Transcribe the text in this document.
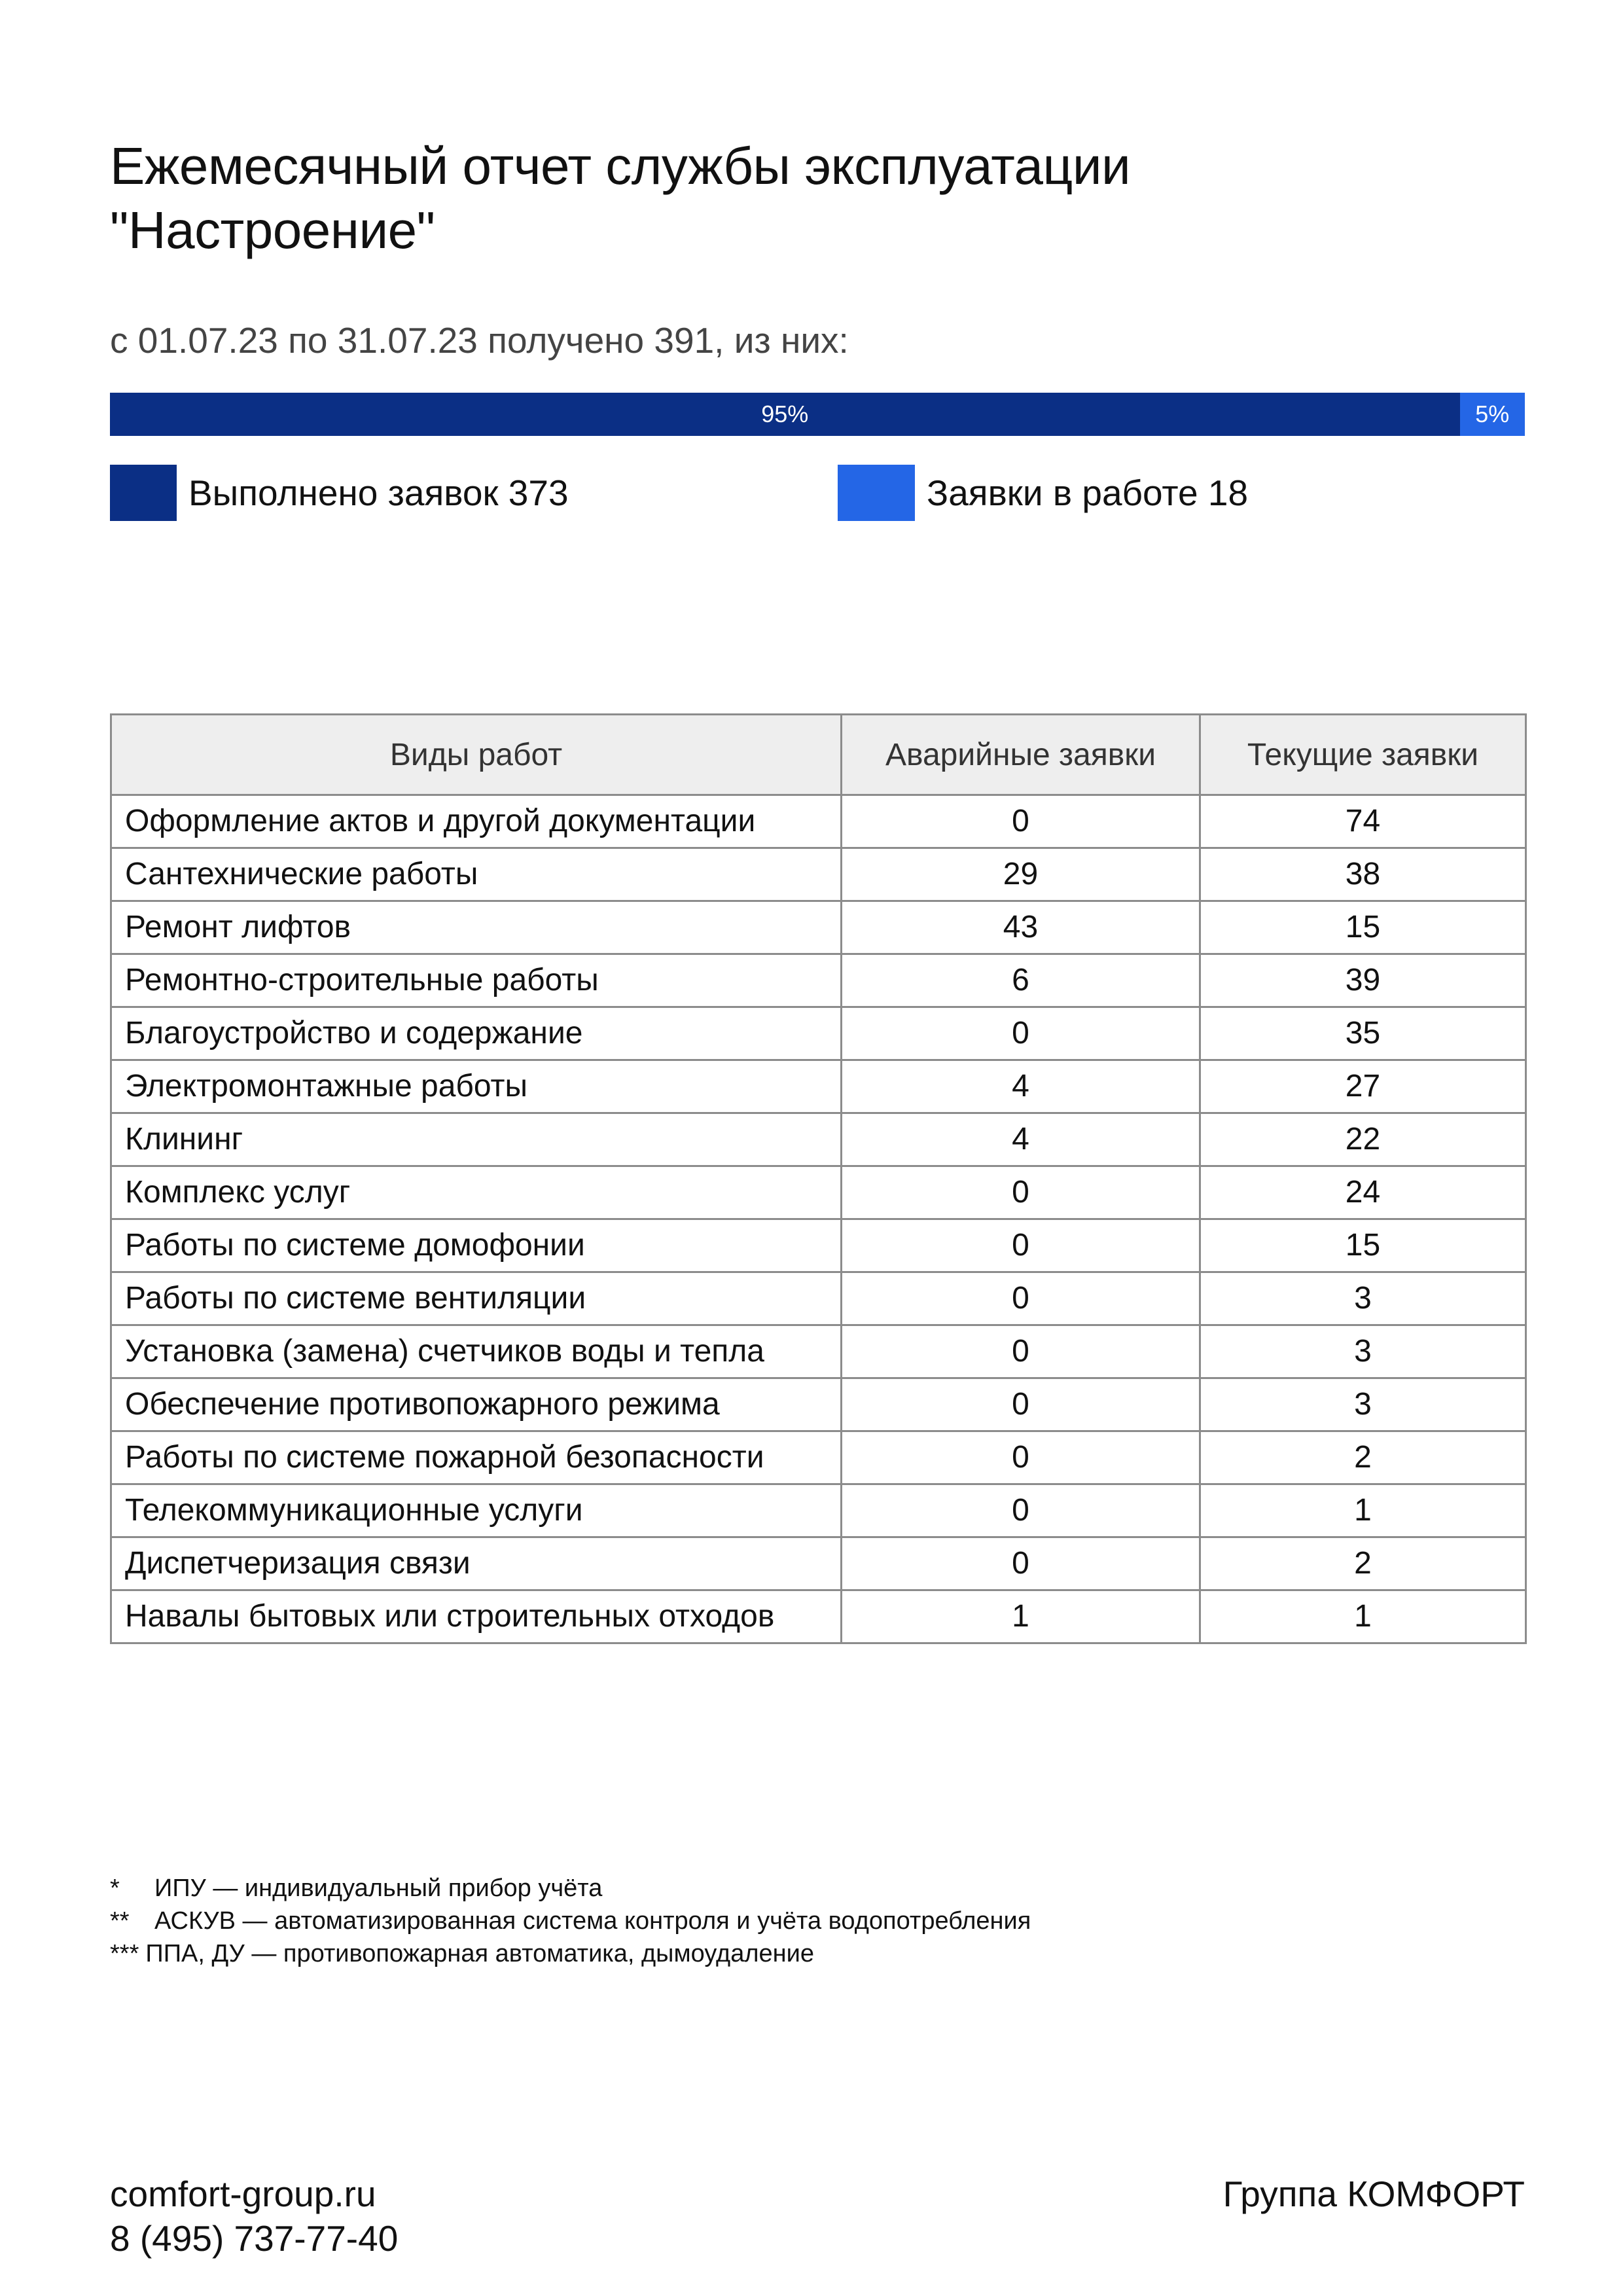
Ежемесячный отчет службы эксплуатации
"Настроение"
с 01.07.23 по 31.07.23 получено 391, из них:
95%	5%
Выполнено заявок 373	Заявки в работе 18
Виды работ	Аварийные заявки	Текущие заявки
Оформление актов и другой документации	0	74
Сантехнические работы	29	38
Ремонт лифтов	43	15
Ремонтно-строительные работы	6	39
Благоустройство и содержание	0	35
Электромонтажные работы	4	27
Клининг	4	22
Комплекс услуг	0	24
Работы по системе домофонии	0	15
Работы по системе вентиляции	0	3
Установка (замена) счетчиков воды и тепла	0	3
Обеспечение противопожарного режима	0	3
Работы по системе пожарной безопасности	0	2
Телекоммуникационные услуги	0	1
Диспетчеризация связи	0	2
Навалы бытовых или строительных отходов	1	1
*	ИПУ — индивидуальный прибор учёта
**	АСКУВ — автоматизированная система контроля и учёта водопотребления
*** ППА, ДУ — противопожарная автоматика, дымоудаление
comfort-group.ru
8 (495) 737-77-40
Группа КОМФОРТ
